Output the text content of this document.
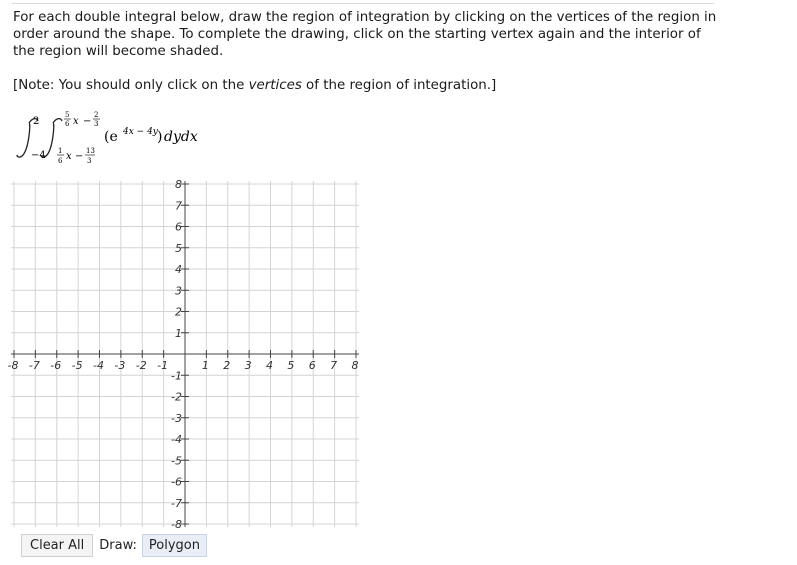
For each double integral below, draw the region of integration by clicking on the vertices of the region in order around the shape. To complete the drawing, click on the starting vertex again and the interior of the region will become shaded.

[Note: You should only click on the vertices of the region of integration.]

2
−4
5
6 x −
2
3
1
6 x − 13
3
(e 4x − 4y ) dydx
-8 -7 -6 -5 -4 -3 -2 -1	1 2 3 4 5 6 7 8
8
7
6
5
4
3
2
1
-1
-2
-3
-4
-5
-6
-7
-8
Clear All	Draw: Polygon
